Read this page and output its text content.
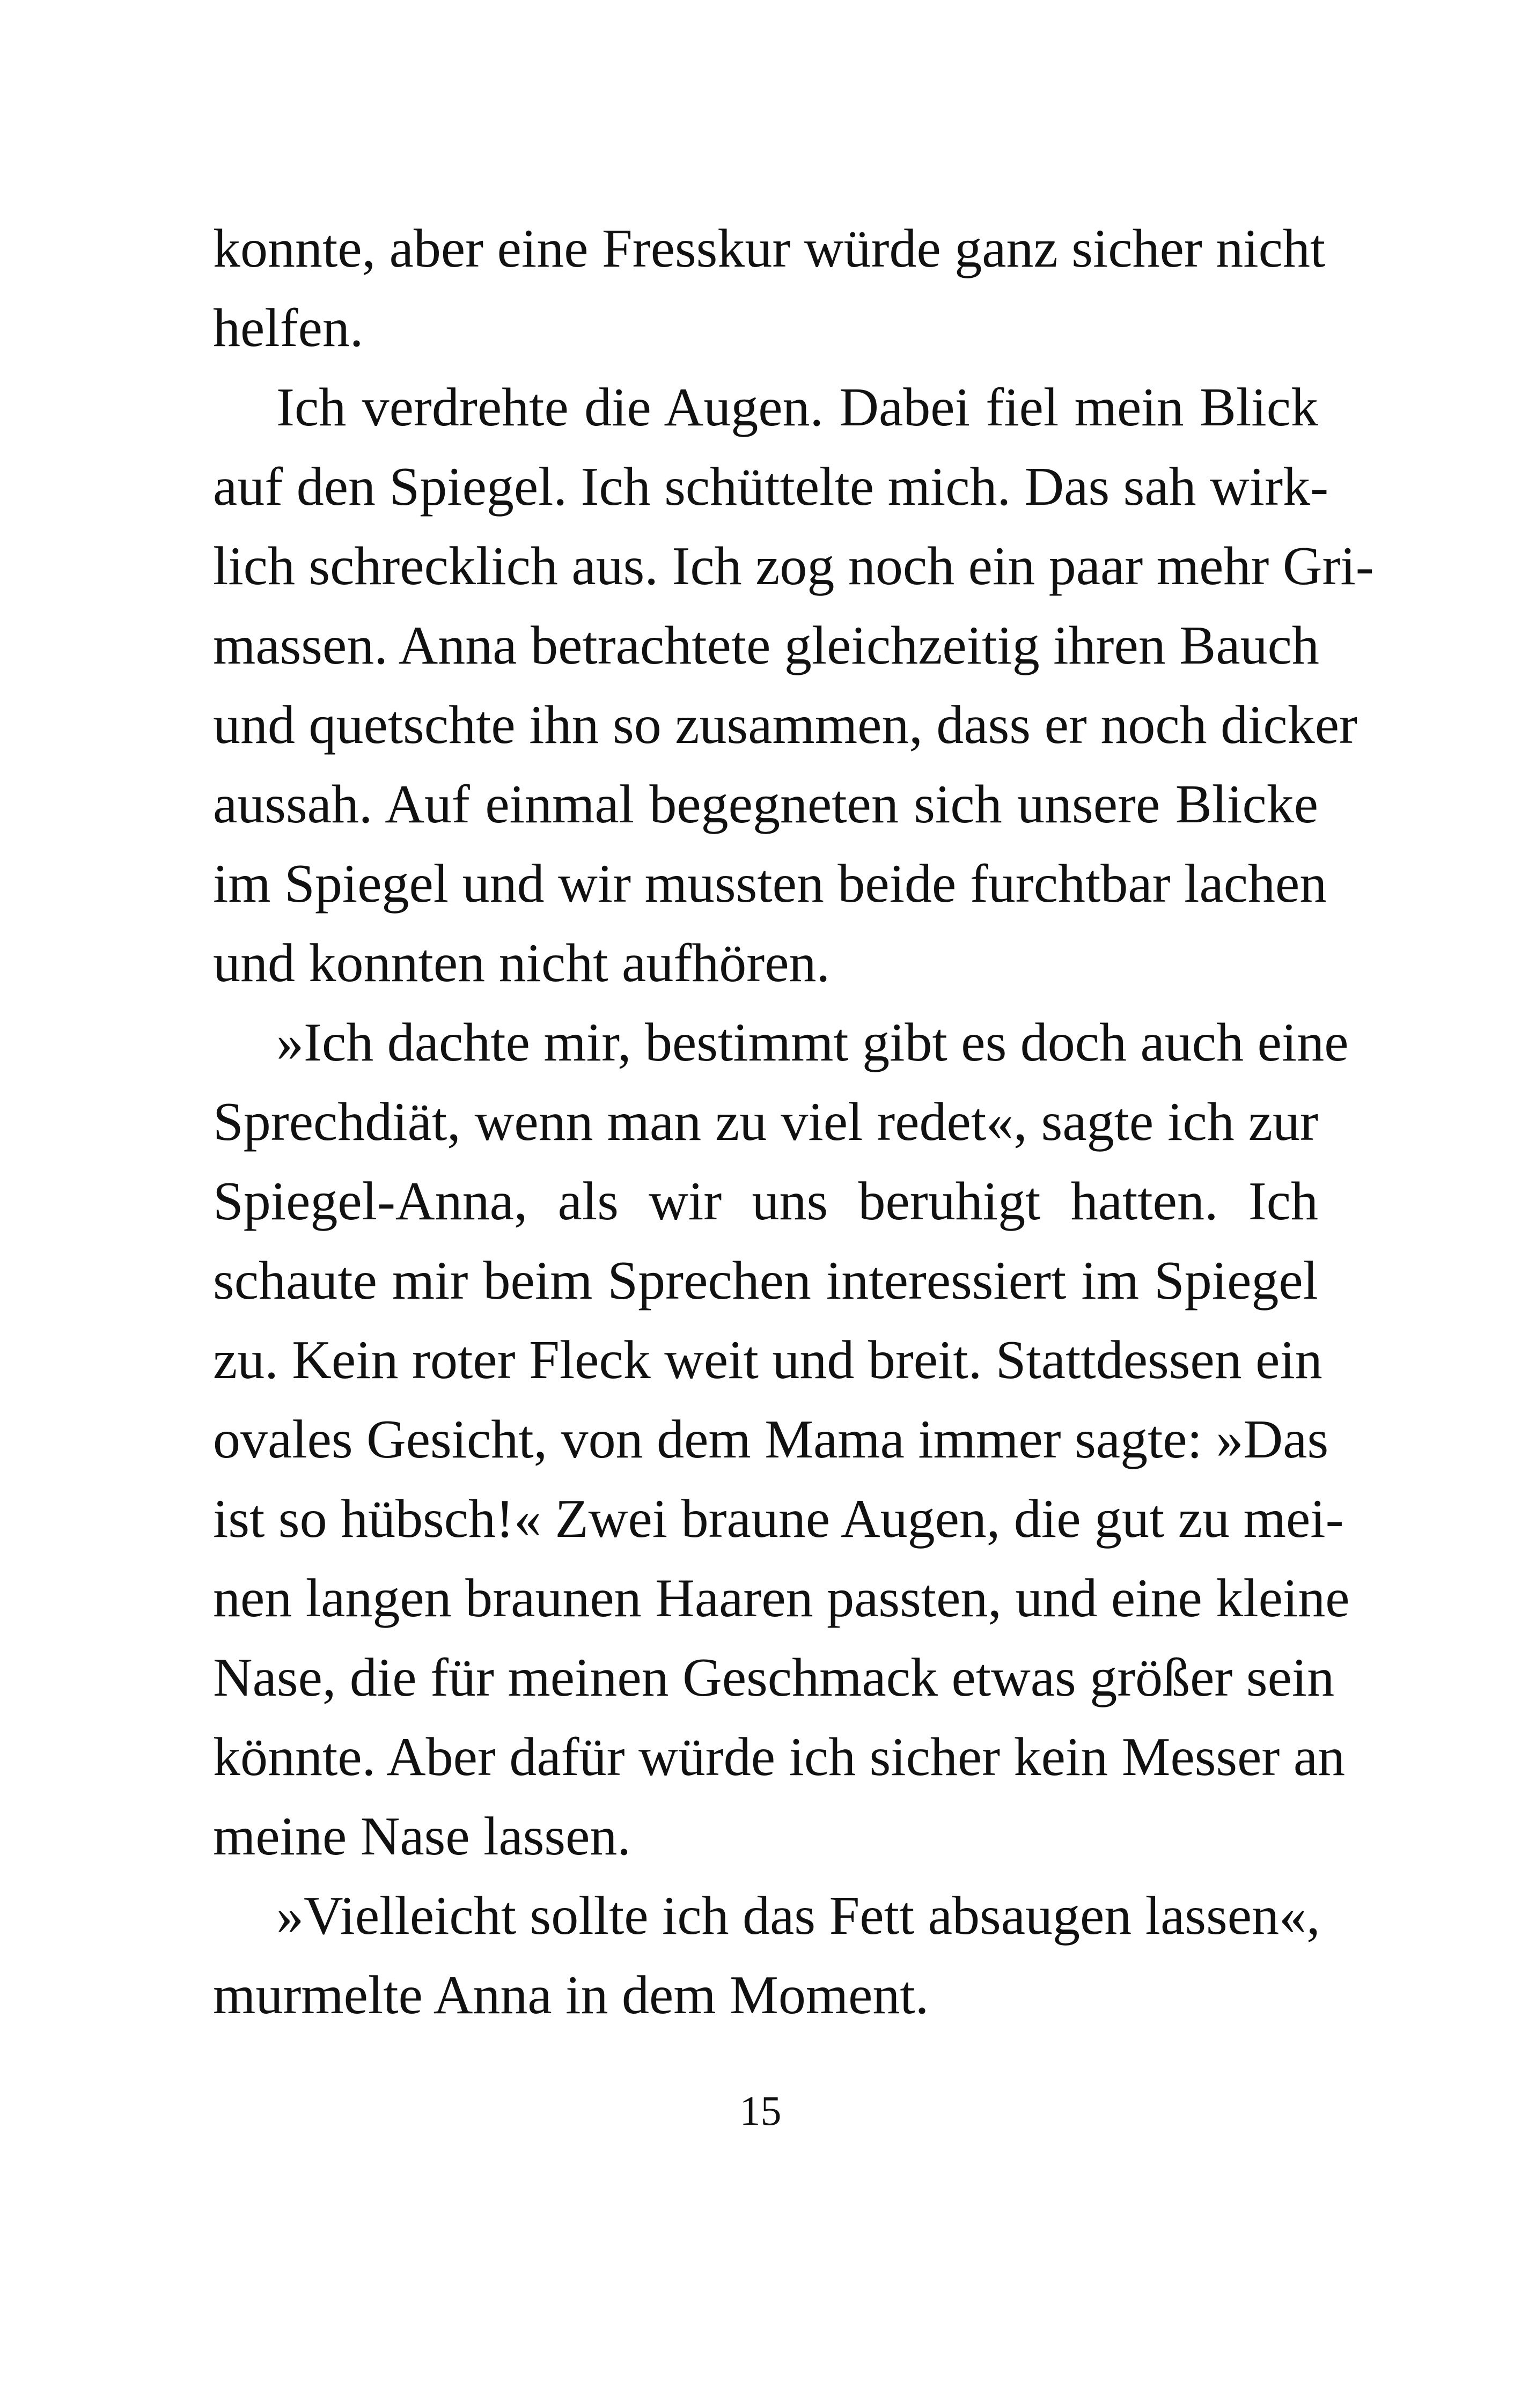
konnte, aber eine Fresskur würde ganz sicher nicht
helfen.
Ich verdrehte die Augen. Dabei fiel mein Blick
auf den Spiegel. Ich schüttelte mich. Das sah wirk-
lich schrecklich aus. Ich zog noch ein paar mehr Gri-
massen. Anna betrachtete gleichzeitig ihren Bauch
und quetschte ihn so zusammen, dass er noch dicker
aussah. Auf einmal begegneten sich unsere Blicke
im Spiegel und wir mussten beide furchtbar lachen
und konnten nicht aufhören.
»Ich dachte mir, bestimmt gibt es doch auch eine
Sprechdiät, wenn man zu viel redet«, sagte ich zur
Spiegel-Anna, als wir uns beruhigt hatten. Ich
schaute mir beim Sprechen interessiert im Spiegel
zu. Kein roter Fleck weit und breit. Stattdessen ein
ovales Gesicht, von dem Mama immer sagte: »Das
ist so hübsch!« Zwei braune Augen, die gut zu mei-
nen langen braunen Haaren passten, und eine kleine
Nase, die für meinen Geschmack etwas größer sein
könnte. Aber dafür würde ich sicher kein Messer an
meine Nase lassen.
»Vielleicht sollte ich das Fett absaugen lassen«,
murmelte Anna in dem Moment.
15
